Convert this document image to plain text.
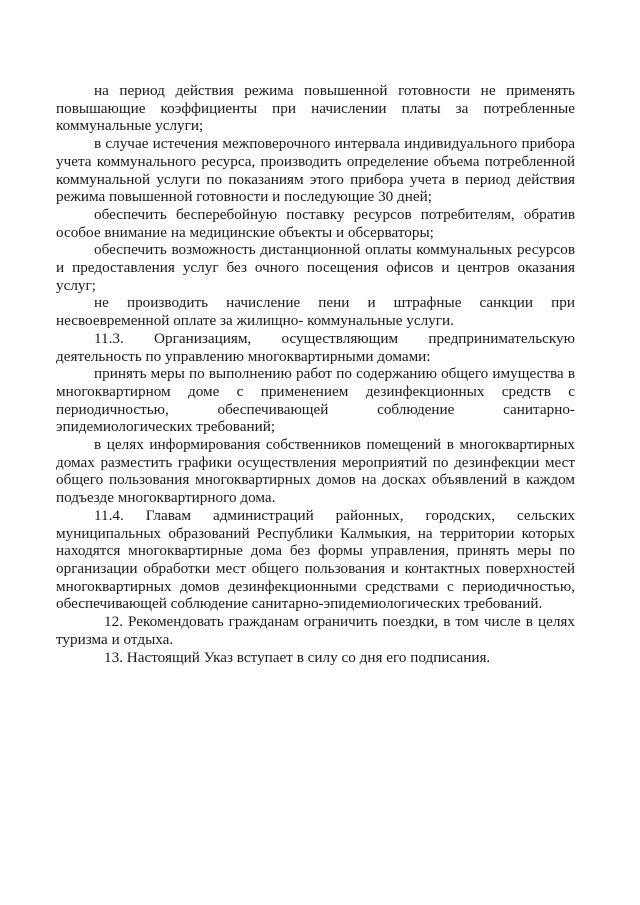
на период действия режима повышенной готовности не применять повышающие коэффициенты при начислении платы за потребленные коммунальные услуги;

в случае истечения межповерочного интервала индивидуального прибора учета коммунального ресурса, производить определение объема потребленной коммунальной услуги по показаниям этого прибора учета в период действия режима повышенной готовности и последующие 30 дней;

обеспечить бесперебойную поставку ресурсов потребителям, обратив особое внимание на медицинские объекты и обсерваторы;

обеспечить возможность дистанционной оплаты коммунальных ресурсов и предоставления услуг без очного посещения офисов и центров оказания услуг;

не производить начисление пени и штрафные санкции при несвоевременной оплате за жилищно- коммунальные услуги.

11.3. Организациям, осуществляющим предпринимательскую деятельность по управлению многоквартирными домами:

принять меры по выполнению работ по содержанию общего имущества в многоквартирном доме с применением дезинфекционных средств с периодичностью, обеспечивающей соблюдение санитарно-эпидемиологических требований;

в целях информирования собственников помещений в многоквартирных домах разместить графики осуществления мероприятий по дезинфекции мест общего пользования многоквартирных домов на досках объявлений в каждом подъезде многоквартирного дома.

11.4. Главам администраций районных, городских, сельских муниципальных образований Республики Калмыкия, на территории которых находятся многоквартирные дома без формы управления, принять меры по организации обработки мест общего пользования и контактных поверхностей многоквартирных домов дезинфекционными средствами с периодичностью, обеспечивающей соблюдение санитарно-эпидемиологических требований.

12. Рекомендовать гражданам ограничить поездки, в том числе в целях туризма и отдыха.

13. Настоящий Указ вступает в силу со дня его подписания.
